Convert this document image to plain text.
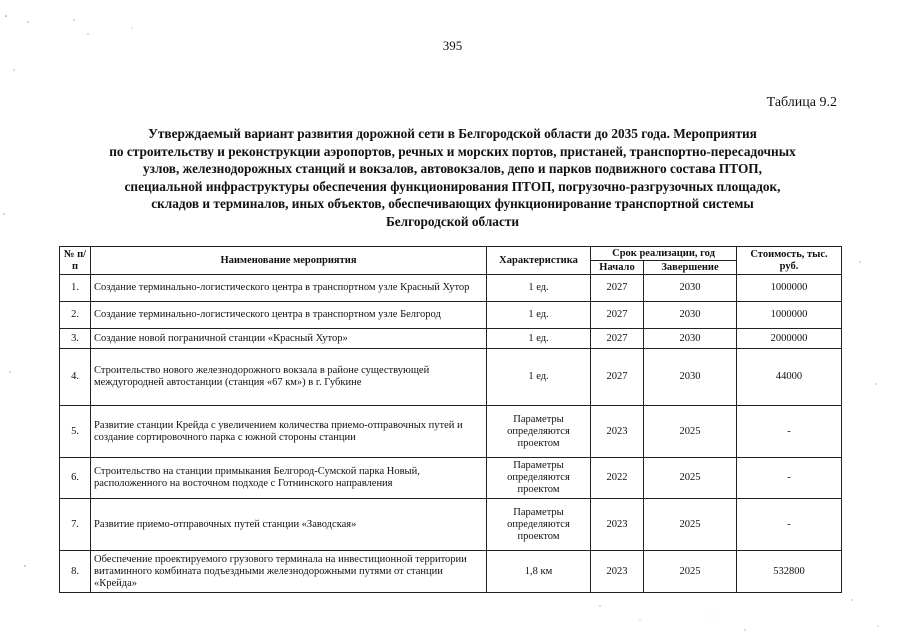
395
Таблица 9.2
Утверждаемый вариант развития дорожной сети в Белгородской области до 2035 года. Мероприятия
по строительству и реконструкции аэропортов, речных и морских портов, пристаней, транспортно-пересадочных
узлов, железнодорожных станций и вокзалов, автовокзалов, депо и парков подвижного состава ПТОП,
специальной инфраструктуры обеспечения функционирования ПТОП, погрузочно-разгрузочных площадок,
складов и терминалов, иных объектов, обеспечивающих функционирование транспортной системы
Белгородской области
№ п/п	Наименование мероприятия	Характеристика	Срок реализации, год		Стоимость, тыс. руб.
			Начало	Завершение	
1.	Создание терминально-логистического центра в транспортном узле Красный Хутор	1 ед.	2027	2030	1000000
2.	Создание терминально-логистического центра в транспортном узле Белгород	1 ед.	2027	2030	1000000
3.	Создание новой пограничной станции «Красный Хутор»	1 ед.	2027	2030	2000000
4.	Строительство нового железнодорожного вокзала в районе существующей междугородней автостанции (станция «67 км») в г. Губкине	1 ед.	2027	2030	44000
5.	Развитие станции Крейда с увеличением количества приемо-отправочных путей и создание сортировочного парка с южной стороны станции	Параметры определяются проектом	2023	2025	-
6.	Строительство на станции примыкания Белгород-Сумской парка Новый, расположенного на восточном подходе с Готнинского направления	Параметры определяются проектом	2022	2025	-
7.	Развитие приемо-отправочных путей станции «Заводская»	Параметры определяются проектом	2023	2025	-
8.	Обеспечение проектируемого грузового терминала на инвестиционной территории витаминного комбината подъездными железнодорожными путями от станции «Крейда»	1,8 км	2023	2025	532800
